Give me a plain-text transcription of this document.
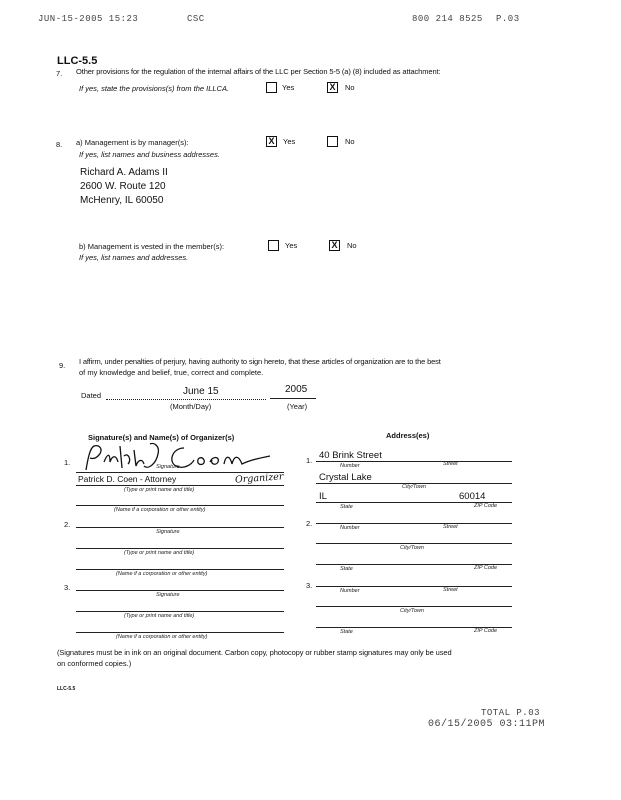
JUN-15-2005 15:23	CSC	800 214 8525 P.03
LLC-5.5
7. Other provisions for the regulation of the internal affairs of the LLC per Section 5-5 (a) (8) included as attachment:
If yes, state the provisions(s) from the ILLCA.	Yes	X	No
8. a) Management is by manager(s):
If yes, list names and business addresses.
X	Yes	No
Richard A. Adams II
2600 W. Route 120
McHenry, IL 60050
b) Management is vested in the member(s):
If yes, list names and addresses.
Yes	X	No
9. I affirm, under penalties of perjury, having authority to sign hereto, that these articles of organization are to the best
of my knowledge and belief, true, correct and complete.
Dated	June 15
(Month/Day)
2005
(Year)
Signature(s) and Name(s) of Organizer(s)	Address(es)
1.	Signature
Patrick D. Coen - Attorney	Organizer
(Type or print name and title)
(Name if a corporation or other entity)
1. 40 Brink Street
Number	Street
Crystal Lake
City/Town
IL	60014
State	ZIP Code
2.
Signature
(Type or print name and title)
(Name if a corporation or other entity)
2.	Number	Street
City/Town
State	ZIP Code
3.
Signature
(Type or print name and title)
(Name if a corporation or other entity)
3.
Number	Street
City/Town
State	ZIP Code
(Signatures must be in ink on an original document. Carbon copy, photocopy or rubber stamp signatures may only be used
on conformed copies.)
LLC-5.5
TOTAL P.03
06/15/2005 03:11PM
